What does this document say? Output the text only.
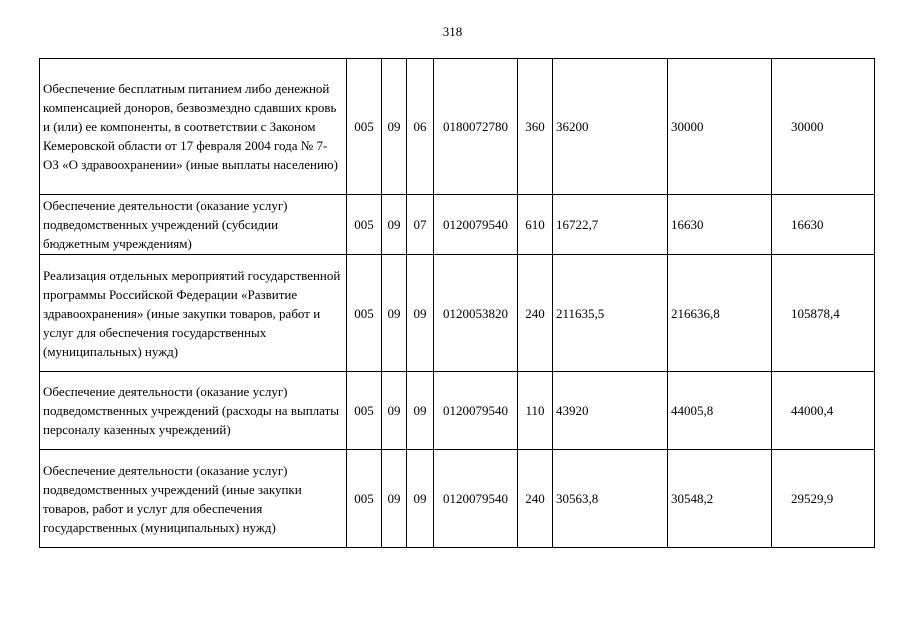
318
Обеспечение бесплатным питанием либо денежной компенсацией доноров, безвозмездно сдавших кровь и (или) ее компоненты, в соответствии с Законом Кемеровской области от 17 февраля 2004 года № 7-ОЗ «О здравоохранении» (иные выплаты населению)	005	09	06	0180072780	360	36200	30000	30000
Обеспечение деятельности (оказание услуг) подведомственных учреждений (субсидии бюджетным учреждениям)	005	09	07	0120079540	610	16722,7	16630	16630
Реализация отдельных мероприятий государственной программы Российской Федерации «Развитие здравоохранения» (иные закупки товаров, работ и услуг для обеспечения государственных (муниципальных) нужд)	005	09	09	0120053820	240	211635,5	216636,8	105878,4
Обеспечение деятельности (оказание услуг) подведомственных учреждений (расходы на выплаты персоналу казенных учреждений)	005	09	09	0120079540	110	43920	44005,8	44000,4
Обеспечение деятельности (оказание услуг) подведомственных учреждений (иные закупки товаров, работ и услуг для обеспечения государственных (муниципальных) нужд)	005	09	09	0120079540	240	30563,8	30548,2	29529,9
